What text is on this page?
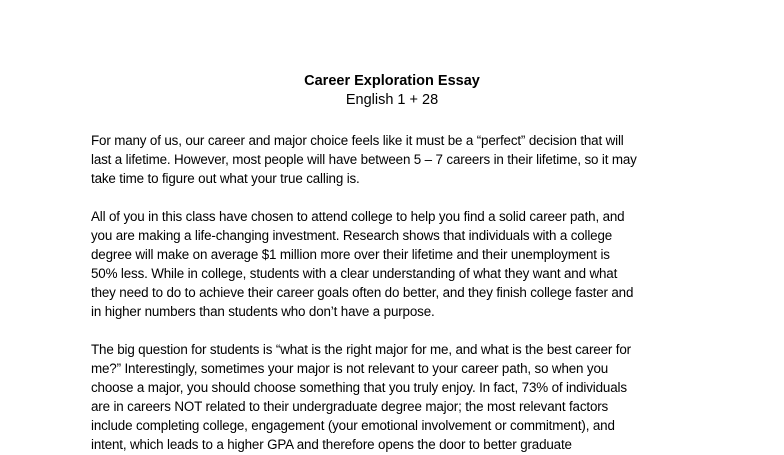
Career Exploration Essay
English 1 + 28
For many of us, our career and major choice feels like it must be a “perfect” decision that will
last a lifetime. However, most people will have between 5 – 7 careers in their lifetime, so it may
take time to figure out what your true calling is.
All of you in this class have chosen to attend college to help you find a solid career path, and
you are making a life-changing investment. Research shows that individuals with a college
degree will make on average $1 million more over their lifetime and their unemployment is
50% less. While in college, students with a clear understanding of what they want and what
they need to do to achieve their career goals often do better, and they finish college faster and
in higher numbers than students who don’t have a purpose.
The big question for students is “what is the right major for me, and what is the best career for
me?” Interestingly, sometimes your major is not relevant to your career path, so when you
choose a major, you should choose something that you truly enjoy. In fact, 73% of individuals
are in careers NOT related to their undergraduate degree major; the most relevant factors
include completing college, engagement (your emotional involvement or commitment), and
intent, which leads to a higher GPA and therefore opens the door to better graduate
